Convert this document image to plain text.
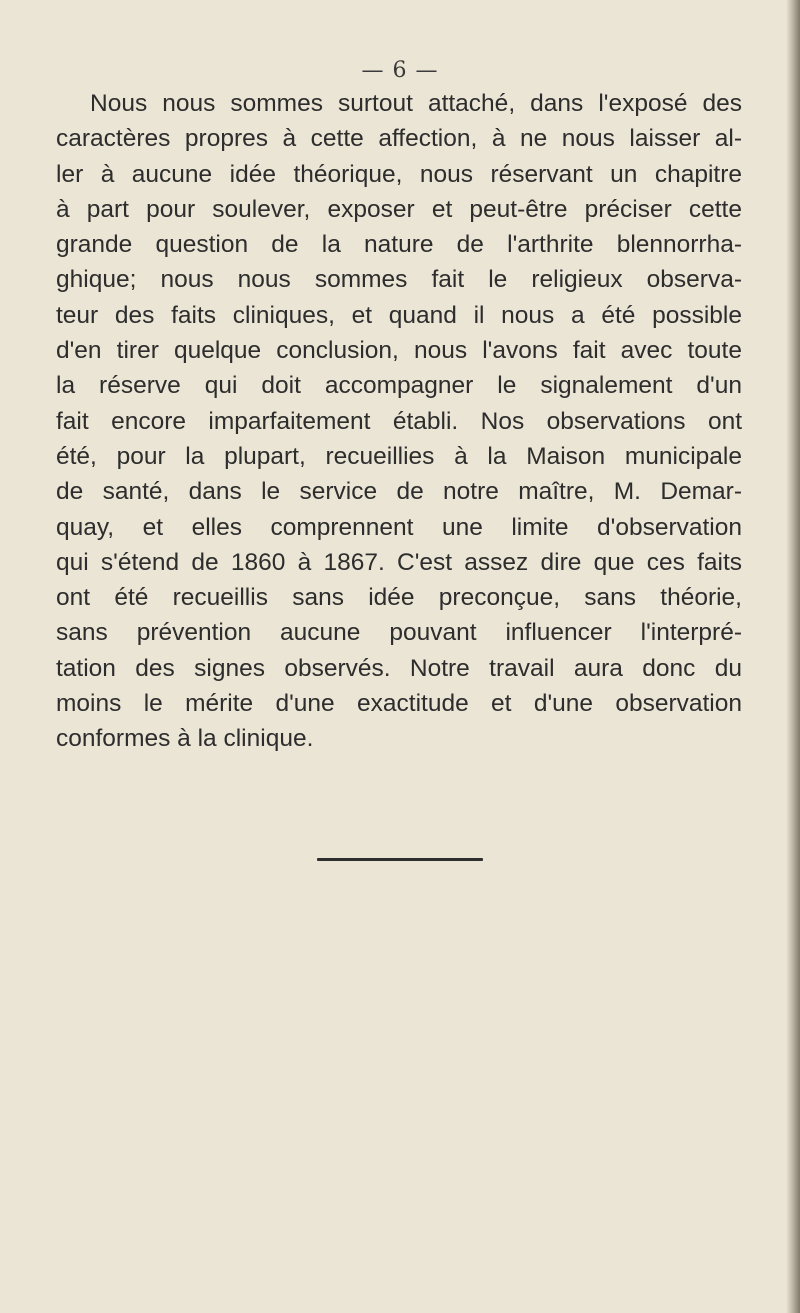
— 6 —

Nous nous sommes surtout attaché, dans l'exposé des
caractères propres à cette affection, à ne nous laisser al-
ler à aucune idée théorique, nous réservant un chapitre
à part pour soulever, exposer et peut-être préciser cette
grande question de la nature de l'arthrite blennorrha-
ghique; nous nous sommes fait le religieux observa-
teur des faits cliniques, et quand il nous a été possible
d'en tirer quelque conclusion, nous l'avons fait avec toute
la réserve qui doit accompagner le signalement d'un
fait encore imparfaitement établi. Nos observations ont
été, pour la plupart, recueillies à la Maison municipale
de santé, dans le service de notre maître, M. Demar-
quay, et elles comprennent une limite d'observation
qui s'étend de 1860 à 1867. C'est assez dire que ces faits
ont été recueillis sans idée preconçue, sans théorie,
sans prévention aucune pouvant influencer l'interpré-
tation des signes observés. Notre travail aura donc du
moins le mérite d'une exactitude et d'une observation
conformes à la clinique.
